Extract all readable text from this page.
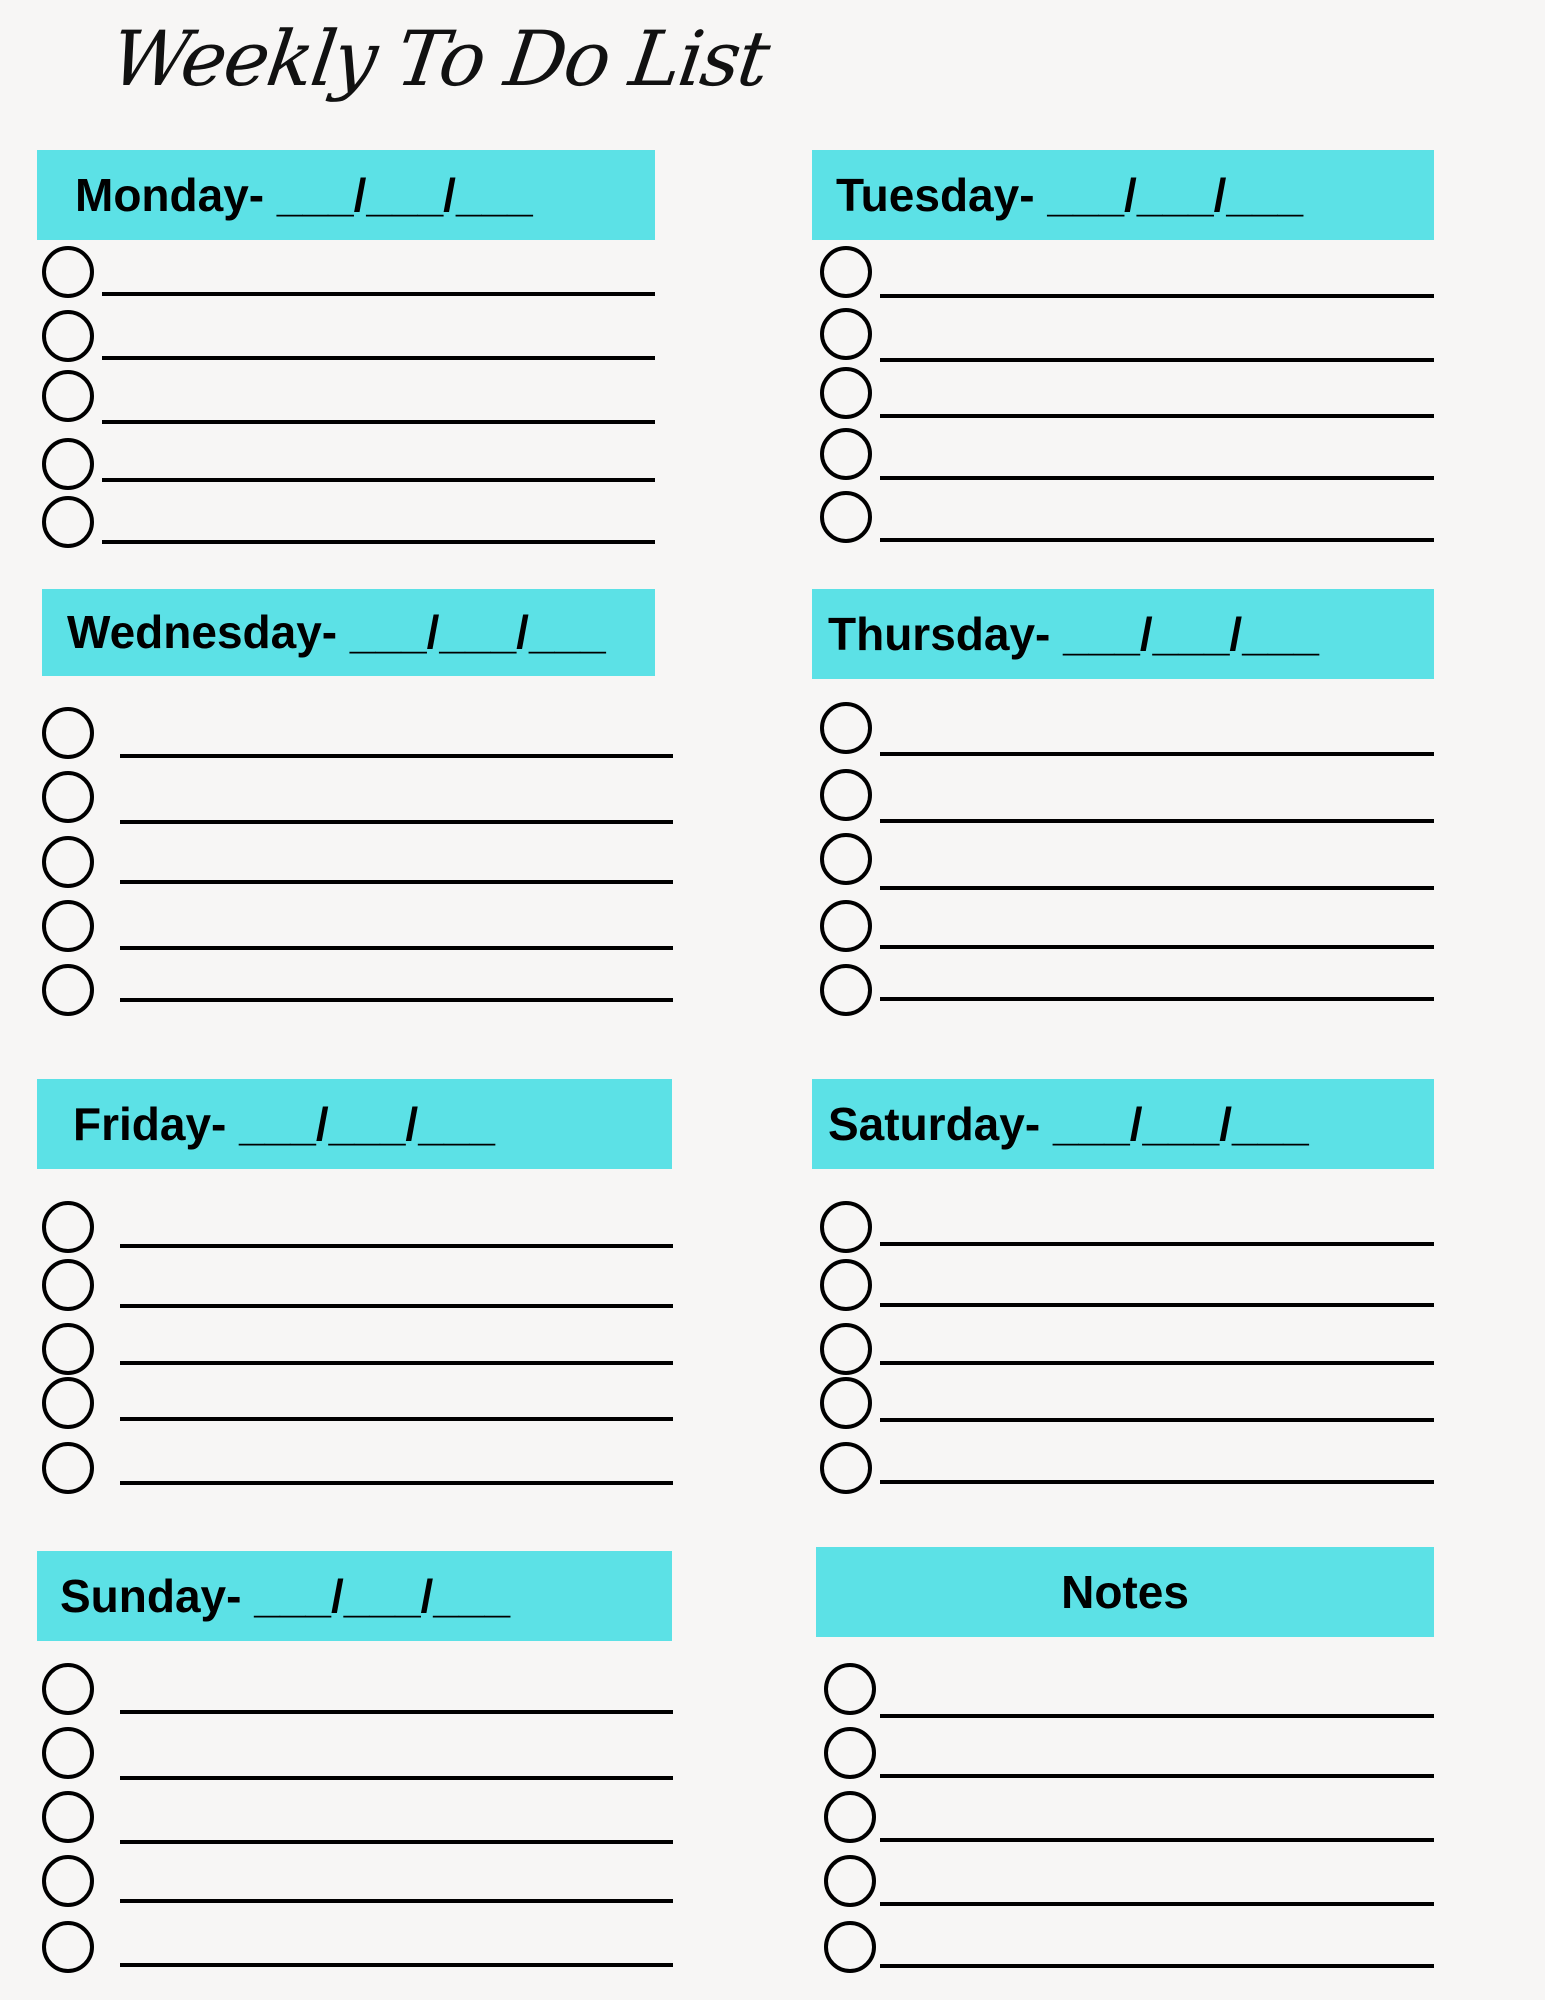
Weekly To Do List
Monday- ___/___/___	Tuesday- ___/___/___
Wednesday- ___/___/___	Thursday- ___/___/___
Friday- ___/___/___	Saturday- ___/___/___
Sunday- ___/___/___	Notes
